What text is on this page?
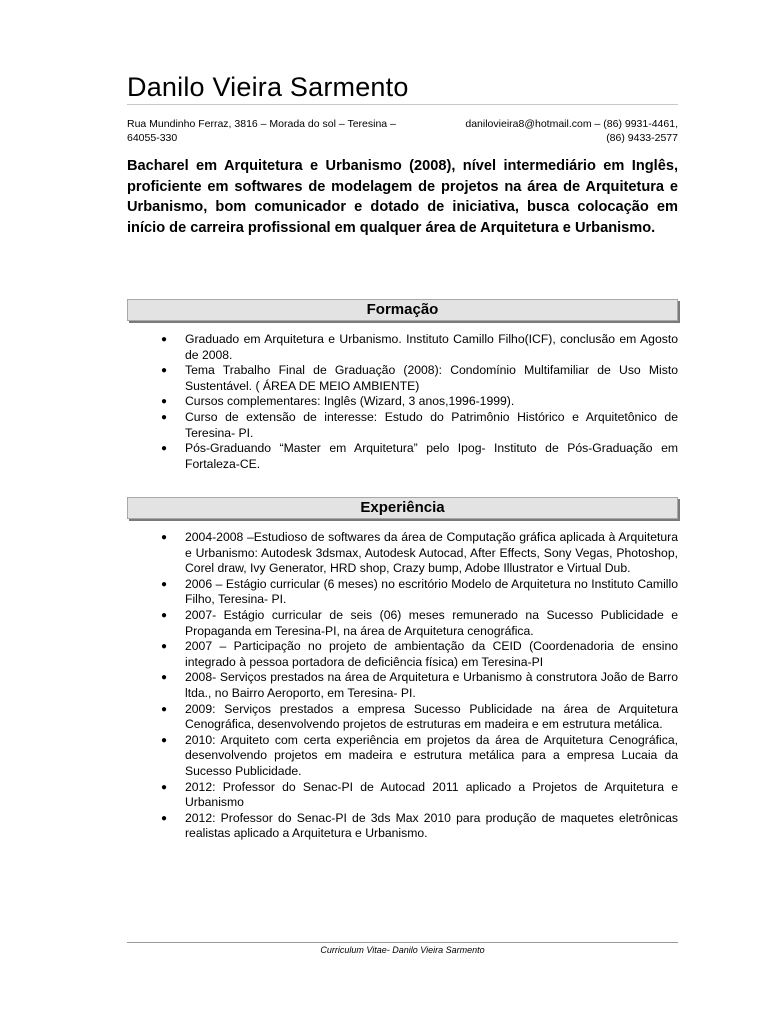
Danilo Vieira Sarmento
Rua Mundinho Ferraz, 3816 – Morada do sol – Teresina –	danilovieira8@hotmail.com – (86) 9931-4461,
64055-330	(86) 9433-2577
Bacharel em Arquitetura e Urbanismo (2008), nível intermediário em Inglês, proficiente em softwares de modelagem de projetos na área de Arquitetura e Urbanismo, bom comunicador e dotado de iniciativa, busca colocação em início de carreira profissional em qualquer área de Arquitetura e Urbanismo.
Formação
● Graduado em Arquitetura e Urbanismo. Instituto Camillo Filho(ICF), conclusão em Agosto de 2008.
● Tema Trabalho Final de Graduação (2008): Condomínio Multifamiliar de Uso Misto Sustentável. ( ÁREA DE MEIO AMBIENTE)
● Cursos complementares: Inglês (Wizard, 3 anos,1996-1999).
● Curso de extensão de interesse: Estudo do Patrimônio Histórico e Arquitetônico de Teresina- PI.
● Pós-Graduando “Master em Arquitetura” pelo Ipog- Instituto de Pós-Graduação em Fortaleza-CE.
Experiência
● 2004-2008 –Estudioso de softwares da área de Computação gráfica aplicada à Arquitetura e Urbanismo: Autodesk 3dsmax, Autodesk Autocad, After Effects, Sony Vegas, Photoshop, Corel draw, Ivy Generator, HRD shop, Crazy bump, Adobe Illustrator e Virtual Dub.
● 2006 – Estágio curricular (6 meses) no escritório Modelo de Arquitetura no Instituto Camillo Filho, Teresina- PI.
● 2007- Estágio curricular de seis (06) meses remunerado na Sucesso Publicidade e Propaganda em Teresina-PI, na área de Arquitetura cenográfica.
● 2007 – Participação no projeto de ambientação da CEID (Coordenadoria de ensino integrado à pessoa portadora de deficiência física) em Teresina-PI
● 2008- Serviços prestados na área de Arquitetura e Urbanismo à construtora João de Barro ltda., no Bairro Aeroporto, em Teresina- PI.
● 2009: Serviços prestados a empresa Sucesso Publicidade na área de Arquitetura Cenográfica, desenvolvendo projetos de estruturas em madeira e em estrutura metálica.
● 2010: Arquiteto com certa experiência em projetos da área de Arquitetura Cenográfica, desenvolvendo projetos em madeira e estrutura metálica para a empresa Lucaia da Sucesso Publicidade.
● 2012: Professor do Senac-PI de Autocad 2011 aplicado a Projetos de Arquitetura e Urbanismo
● 2012: Professor do Senac-PI de 3ds Max 2010 para produção de maquetes eletrônicas realistas aplicado a Arquitetura e Urbanismo.
Curriculum Vitae- Danilo Vieira Sarmento
